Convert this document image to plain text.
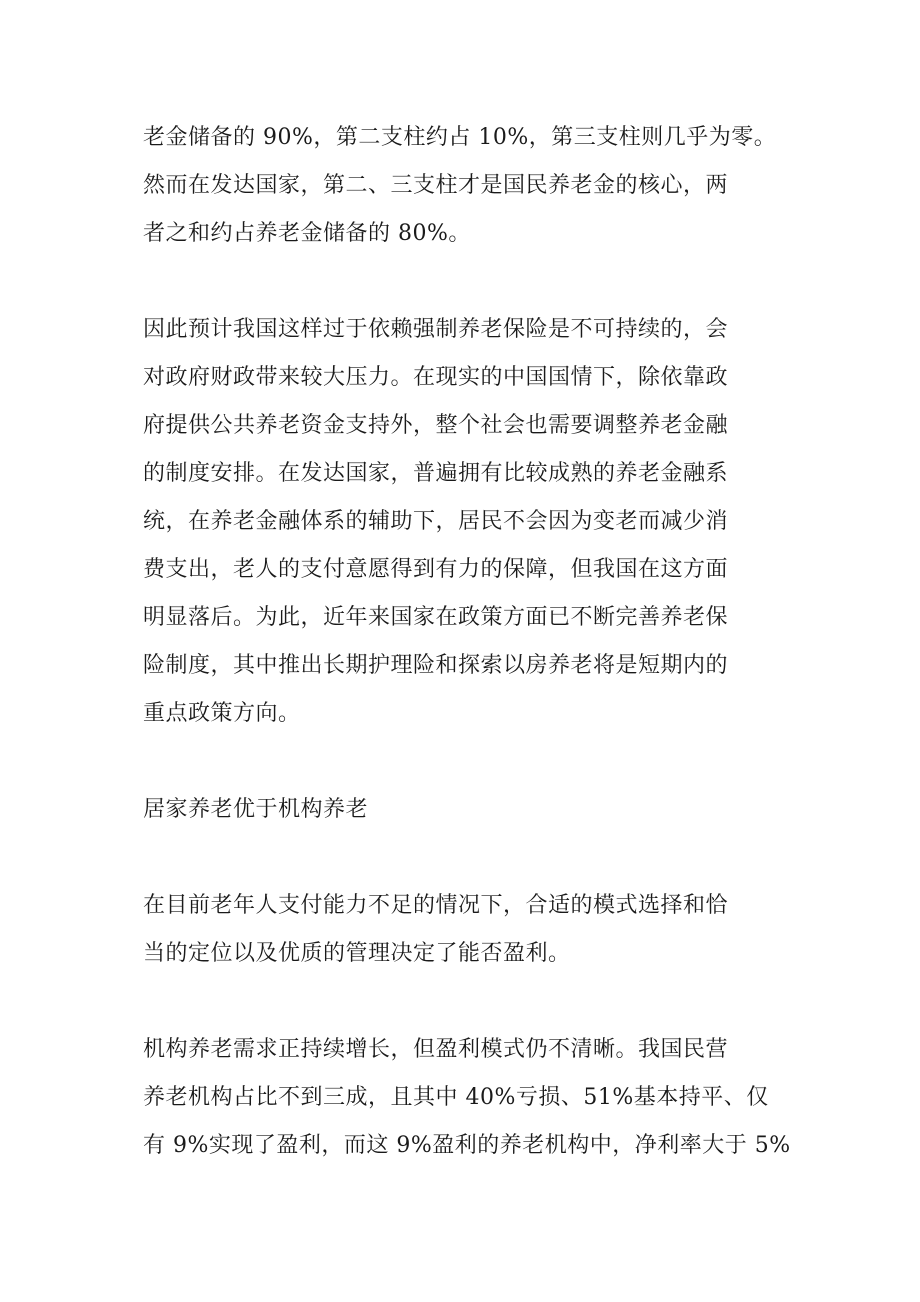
老金储备的 90%，第二支柱约占 10%，第三支柱则几乎为零。
然而在发达国家，第二、三支柱才是国民养老金的核心，两
者之和约占养老金储备的 80%。
因此预计我国这样过于依赖强制养老保险是不可持续的，会
对政府财政带来较大压力。在现实的中国国情下，除依靠政
府提供公共养老资金支持外，整个社会也需要调整养老金融
的制度安排。在发达国家，普遍拥有比较成熟的养老金融系
统，在养老金融体系的辅助下，居民不会因为变老而减少消
费支出，老人的支付意愿得到有力的保障，但我国在这方面
明显落后。为此，近年来国家在政策方面已不断完善养老保
险制度，其中推出长期护理险和探索以房养老将是短期内的
重点政策方向。
居家养老优于机构养老
在目前老年人支付能力不足的情况下，合适的模式选择和恰
当的定位以及优质的管理决定了能否盈利。
机构养老需求正持续增长，但盈利模式仍不清晰。我国民营
养老机构占比不到三成，且其中 40%亏损、51%基本持平、仅
有 9%实现了盈利，而这 9%盈利的养老机构中，净利率大于 5%
